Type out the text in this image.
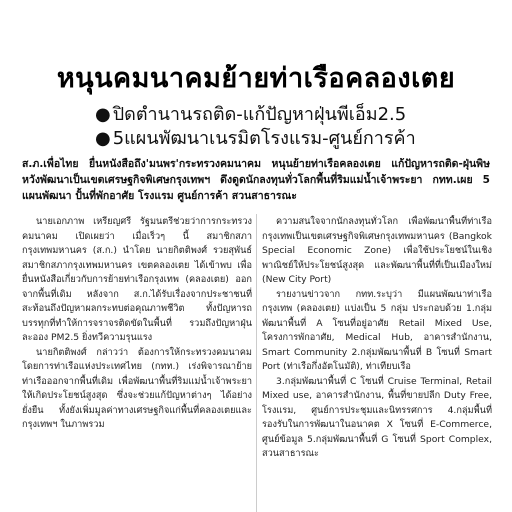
หนุนคมนาคมย้ายท่าเรือคลองเตย
● ปิดตำนานรถติด-แก้ปัญหาฝุ่นพีเอ็ม2.5
● 5แผนพัฒนาเนรมิตโรงแรม-ศูนย์การค้า
ส.ภ.เพื่อไทย ยื่นหนังสือถึง'มนพร'กระทรวงคมนาคม หนุนย้ายท่าเรือคลองเตย แก้ปัญหารถติด-ฝุ่นพิษ หวังพัฒนาเป็นเขตเศรษฐกิจพิเศษกรุงเทพฯ ดึงดูดนักลงทุนทั่วโลกพื้นที่ริมแม่น้ำเจ้าพระยา กทท.เผย 5 แผนพัฒนา ปั้นที่พักอาศัย โรงแรม ศูนย์การค้า สวนสาธารณะ

นายเอกภาพ เหรียญศรี รัฐมนตรีช่วยว่าการกระทรวงคมนาคม เปิดเผยว่า เมื่อเร็วๆ นี้ สมาชิกสภากรุงเทพมหานคร (ส.ก.) นำโดย นายกิตติพงศ์ รวยสุพันธ์ สมาชิกสภากรุงเทพมหานคร เขตคลองเตย ได้เข้าพบ เพื่อยื่นหนังสือเกี่ยวกับการย้ายท่าเรือกรุงเทพ (คลองเตย) ออกจากพื้นที่เดิม หลังจาก ส.ก.ได้รับเรื่องจากประชาชนที่สะท้อนถึงปัญหาผลกระทบต่อคุณภาพชีวิต ทั้งปัญหารถบรรทุกที่ทำให้การจราจรติดขัดในพื้นที่ รวมถึงปัญหาฝุ่นละออง PM2.5 ยิ่งทวีความรุนแรง

นายกิตติพงศ์ กล่าวว่า ต้องการให้กระทรวงคมนาคม โดยการท่าเรือแห่งประเทศไทย (กทท.) เร่งพิจารณาย้ายท่าเรือออกจากพื้นที่เดิม เพื่อพัฒนาพื้นที่ริมแม่น้ำเจ้าพระยาให้เกิดประโยชน์สูงสุด ซึ่งจะช่วยแก้ปัญหาต่างๆ ได้อย่างยั่งยืน ทั้งยังเพิ่มมูลค่าทางเศรษฐกิจแก่พื้นที่คลองเตยและกรุงเทพฯ ในภาพรวม

ความสนใจจากนักลงทุนทั่วโลก เพื่อพัฒนาพื้นที่ท่าเรือกรุงเทพเป็นเขตเศรษฐกิจพิเศษกรุงเทพมหานคร (Bangkok Special Economic Zone) เพื่อใช้ประโยชน์ในเชิงพาณิชย์ให้ประโยชน์สูงสุด และพัฒนาพื้นที่ที่เป็นเมืองใหม่ (New City Port)

รายงานข่าวจาก กทท.ระบุว่า มีแผนพัฒนาท่าเรือกรุงเทพ (คลองเตย) แบ่งเป็น 5 กลุ่ม ประกอบด้วย 1.กลุ่มพัฒนาพื้นที่ A โซนที่อยู่อาศัย Retail Mixed Use, โครงการพักอาศัย, Medical Hub, อาคารสำนักงาน, Smart Community 2.กลุ่มพัฒนาพื้นที่ B โซนที่ Smart Port (ท่าเรือกึ่งอัตโนมัติ), ท่าเทียบเรือ

3.กลุ่มพัฒนาพื้นที่ C โซนที่ Cruise Terminal, Retail Mixed use, อาคารสำนักงาน, พื้นที่ขายปลีก Duty Free, โรงแรม, ศูนย์การประชุมและนิทรรศการ 4.กลุ่มพื้นที่รองรับในการพัฒนาในอนาคต X โซนที่ E-Commerce, ศูนย์ข้อมูล 5.กลุ่มพัฒนาพื้นที่ G โซนที่ Sport Complex, สวนสาธารณะ
